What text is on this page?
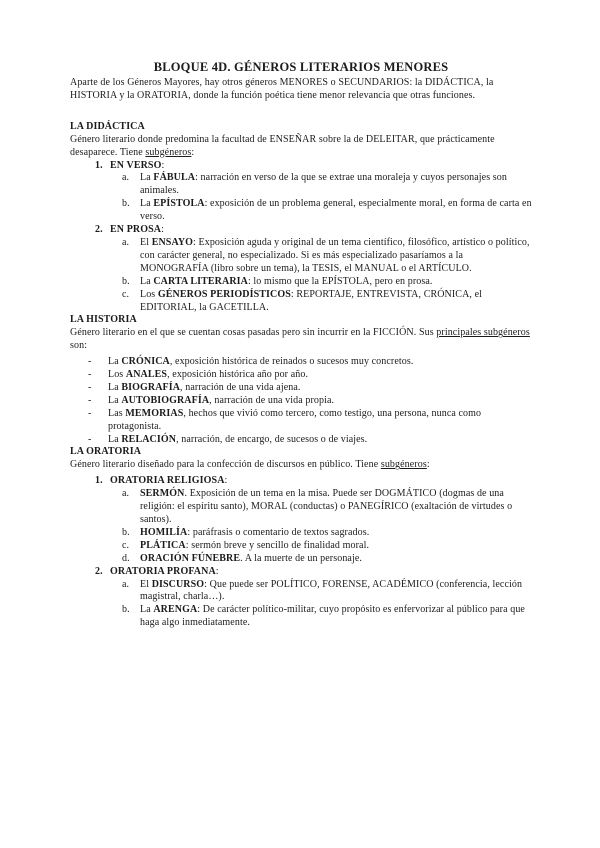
BLOQUE 4D. GÉNEROS LITERARIOS MENORES

Aparte de los Géneros Mayores, hay otros géneros MENORES o SECUNDARIOS: la DIDÁCTICA, la HISTORIA y la ORATORIA, donde la función poética tiene menor relevancia que otras funciones.

LA DIDÁCTICA

Género literario donde predomina la facultad de ENSEÑAR sobre la de DELEITAR, que prácticamente desaparece. Tiene subgéneros:

1. EN VERSO:
a. La FÁBULA: narración en verso de la que se extrae una moraleja y cuyos personajes son animales.
b. La EPÍSTOLA: exposición de un problema general, especialmente moral, en forma de carta en verso.
2. EN PROSA:
a. El ENSAYO: Exposición aguda y original de un tema científico, filosófico, artístico o político, con carácter general, no especializado. Si es más especializado pasaríamos a la MONOGRAFÍA (libro sobre un tema), la TESIS, el MANUAL o el ARTÍCULO.
b. La CARTA LITERARIA: lo mismo que la EPÍSTOLA, pero en prosa.
c. Los GÉNEROS PERIODÍSTICOS: REPORTAJE, ENTREVISTA, CRÓNICA, el EDITORIAL, la GACETILLA.
LA HISTORIA

Género literario en el que se cuentan cosas pasadas pero sin incurrir en la FICCIÓN. Sus principales subgéneros son:

- La CRÓNICA, exposición histórica de reinados o sucesos muy concretos.
- Los ANALES, exposición histórica año por año.
- La BIOGRAFÍA, narración de una vida ajena.
- La AUTOBIOGRAFÍA, narración de una vida propia.
- Las MEMORIAS, hechos que vivió como tercero, como testigo, una persona, nunca como protagonista.
- La RELACIÓN, narración, de encargo, de sucesos o de viajes.
LA ORATORIA

Género literario diseñado para la confección de discursos en público. Tiene subgéneros:

1. ORATORIA RELIGIOSA:
a. SERMÓN. Exposición de un tema en la misa. Puede ser DOGMÁTICO (dogmas de una religión: el espíritu santo), MORAL (conductas) o PANEGÍRICO (exaltación de virtudes o santos).
b. HOMILÍA: paráfrasis o comentario de textos sagrados.
c. PLÁTICA: sermón breve y sencillo de finalidad moral.
d. ORACIÓN FÚNEBRE. A la muerte de un personaje.
2. ORATORIA PROFANA:
a. El DISCURSO: Que puede ser POLÍTICO, FORENSE, ACADÉMICO (conferencia, lección magistral, charla…).
b. La ARENGA: De carácter político-militar, cuyo propósito es enfervorizar al público para que haga algo inmediatamente.
